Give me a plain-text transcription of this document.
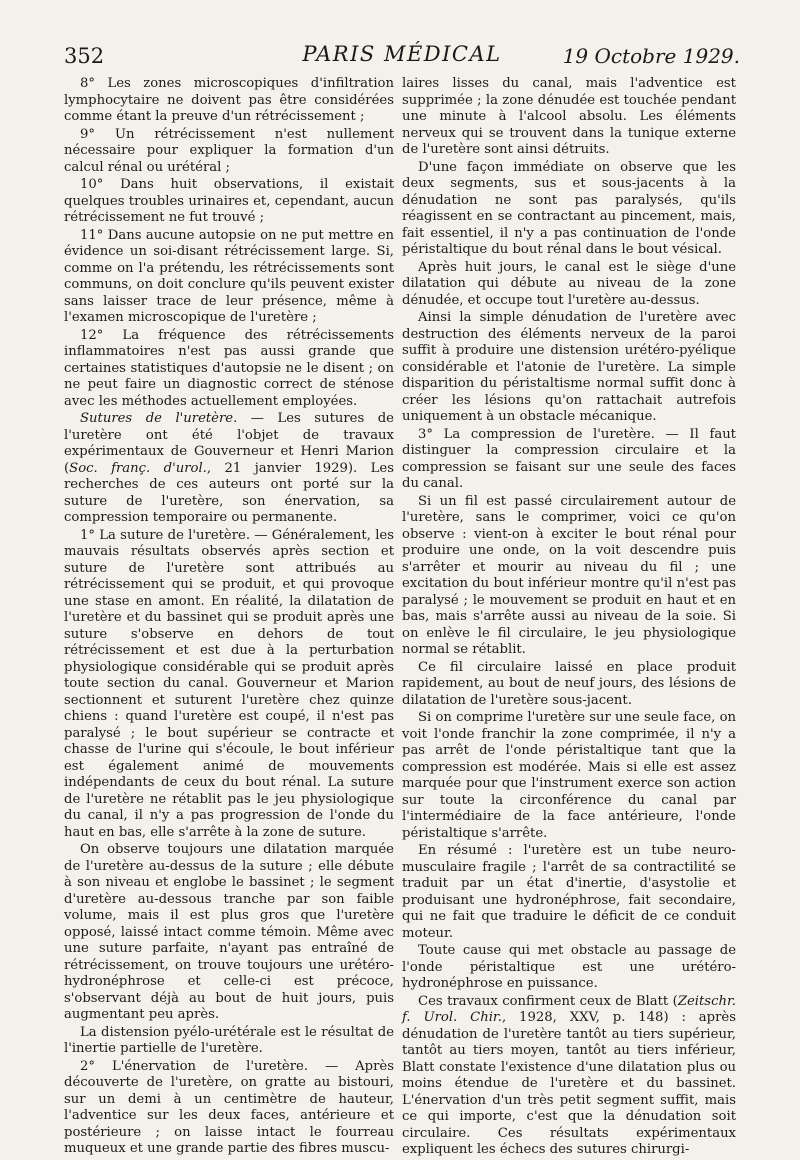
352	PARIS MÉDICAL	19 Octobre 1929.

8° Les zones microscopiques d'infiltration lymphocytaire ne doivent pas être considérées comme étant la preuve d'un rétrécissement ;

9° Un rétrécissement n'est nullement nécessaire pour expliquer la formation d'un calcul rénal ou urétéral ;

10° Dans huit observations, il existait quelques troubles urinaires et, cependant, aucun rétrécissement ne fut trouvé ;

11° Dans aucune autopsie on ne put mettre en évidence un soi-disant rétrécissement large. Si, comme on l'a prétendu, les rétrécissements sont communs, on doit conclure qu'ils peuvent exister sans laisser trace de leur présence, même à l'examen microscopique de l'uretère ;

12° La fréquence des rétrécissements inflammatoires n'est pas aussi grande que certaines statistiques d'autopsie ne le disent ; on ne peut faire un diagnostic correct de sténose avec les méthodes actuellement employées.

Sutures de l'uretère. — Les sutures de l'uretère ont été l'objet de travaux expérimentaux de Gouverneur et Henri Marion (Soc. franç. d'urol., 21 janvier 1929). Les recherches de ces auteurs ont porté sur la suture de l'uretère, son énervation, sa compression temporaire ou permanente.

1° La suture de l'uretère. — Généralement, les mauvais résultats observés après section et suture de l'uretère sont attribués au rétrécissement qui se produit, et qui provoque une stase en amont. En réalité, la dilatation de l'uretère et du bassinet qui se produit après une suture s'observe en dehors de tout rétrécissement et est due à la perturbation physiologique considérable qui se produit après toute section du canal. Gouverneur et Marion sectionnent et suturent l'uretère chez quinze chiens : quand l'uretère est coupé, il n'est pas paralysé ; le bout supérieur se contracte et chasse de l'urine qui s'écoule, le bout inférieur est également animé de mouvements indépendants de ceux du bout rénal. La suture de l'uretère ne rétablit pas le jeu physiologique du canal, il n'y a pas progression de l'onde du haut en bas, elle s'arrête à la zone de suture.

On observe toujours une dilatation marquée de l'uretère au-dessus de la suture ; elle débute à son niveau et englobe le bassinet ; le segment d'uretère au-dessous tranche par son faible volume, mais il est plus gros que l'uretère opposé, laissé intact comme témoin. Même avec une suture parfaite, n'ayant pas entraîné de rétrécissement, on trouve toujours une urétéro-hydronéphrose et celle-ci est précoce, s'observant déjà au bout de huit jours, puis augmentant peu après.

La distension pyélo-urétérale est le résultat de l'inertie partielle de l'uretère.

2° L'énervation de l'uretère. — Après découverte de l'uretère, on gratte au bistouri, sur un demi à un centimètre de hauteur, l'adventice sur les deux faces, antérieure et postérieure ; on laisse intact le fourreau muqueux et une grande partie des fibres muscu-

laires lisses du canal, mais l'adventice est supprimée ; la zone dénudée est touchée pendant une minute à l'alcool absolu. Les éléments nerveux qui se trouvent dans la tunique externe de l'uretère sont ainsi détruits.

D'une façon immédiate on observe que les deux segments, sus et sous-jacents à la dénudation ne sont pas paralysés, qu'ils réagissent en se contractant au pincement, mais, fait essentiel, il n'y a pas continuation de l'onde péristaltique du bout rénal dans le bout vésical.

Après huit jours, le canal est le siège d'une dilatation qui débute au niveau de la zone dénudée, et occupe tout l'uretère au-dessus.

Ainsi la simple dénudation de l'uretère avec destruction des éléments nerveux de la paroi suffit à produire une distension urétéro-pyélique considérable et l'atonie de l'uretère. La simple disparition du péristaltisme normal suffit donc à créer les lésions qu'on rattachait autrefois uniquement à un obstacle mécanique.

3° La compression de l'uretère. — Il faut distinguer la compression circulaire et la compression se faisant sur une seule des faces du canal.

Si un fil est passé circulairement autour de l'uretère, sans le comprimer, voici ce qu'on observe : vient-on à exciter le bout rénal pour produire une onde, on la voit descendre puis s'arrêter et mourir au niveau du fil ; une excitation du bout inférieur montre qu'il n'est pas paralysé ; le mouvement se produit en haut et en bas, mais s'arrête aussi au niveau de la soie. Si on enlève le fil circulaire, le jeu physiologique normal se rétablit.

Ce fil circulaire laissé en place produit rapidement, au bout de neuf jours, des lésions de dilatation de l'uretère sous-jacent.

Si on comprime l'uretère sur une seule face, on voit l'onde franchir la zone comprimée, il n'y a pas arrêt de l'onde péristaltique tant que la compression est modérée. Mais si elle est assez marquée pour que l'instrument exerce son action sur toute la circonférence du canal par l'intermédiaire de la face antérieure, l'onde péristaltique s'arrête.

En résumé : l'uretère est un tube neuro-musculaire fragile ; l'arrêt de sa contractilité se traduit par un état d'inertie, d'asystolie et produisant une hydronéphrose, fait secondaire, qui ne fait que traduire le déficit de ce conduit moteur.

Toute cause qui met obstacle au passage de l'onde péristaltique est une urétéro-hydronéphrose en puissance.

Ces travaux confirment ceux de Blatt (Zeitschr. f. Urol. Chir., 1928, XXV, p. 148) : après dénudation de l'uretère tantôt au tiers supérieur, tantôt au tiers moyen, tantôt au tiers inférieur, Blatt constate l'existence d'une dilatation plus ou moins étendue de l'uretère et du bassinet. L'énervation d'un très petit segment suffit, mais ce qui importe, c'est que la dénudation soit circulaire. Ces résultats expérimentaux expliquent les échecs des sutures chirurgi-
